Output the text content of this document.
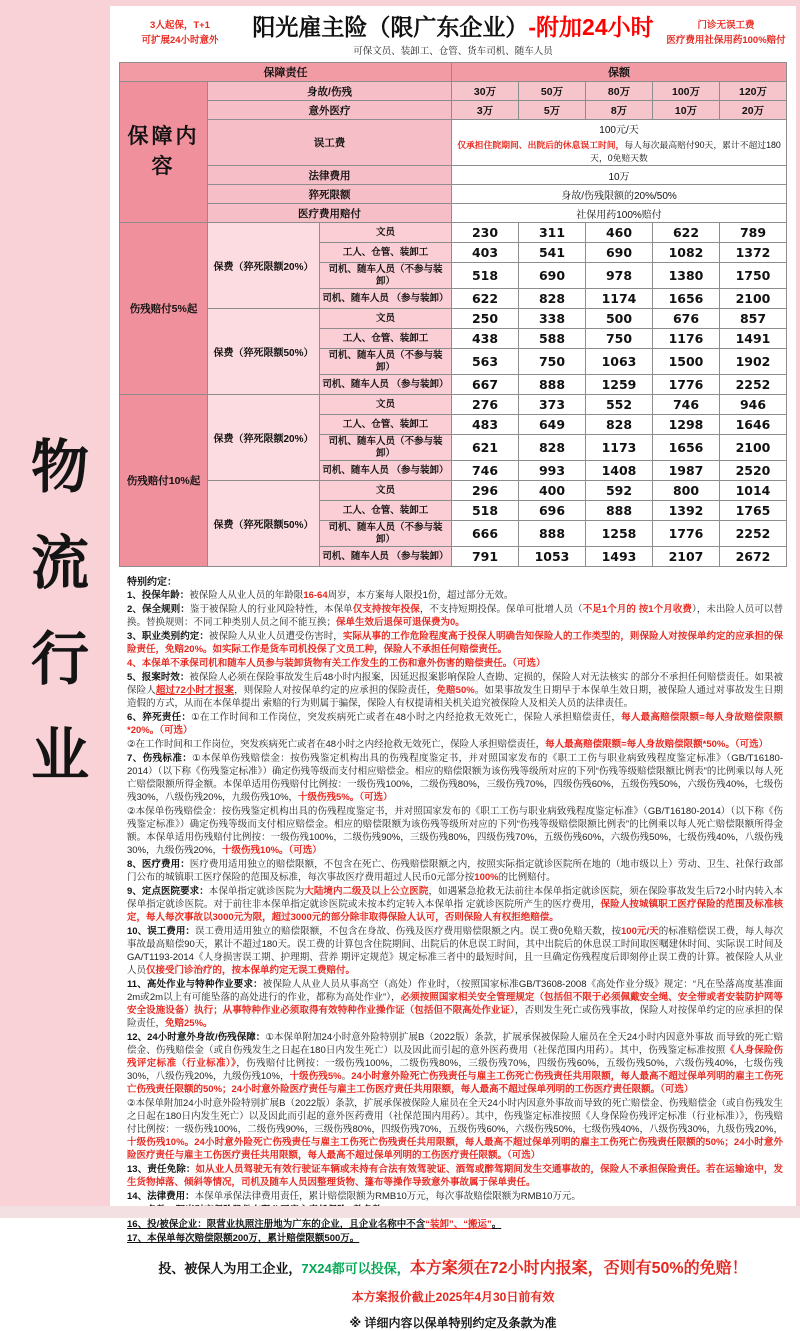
物流行业
3人起保，T+1
可扩展24小时意外
阳光雇主险（限广东企业）-附加24小时
可保文员、装卸工、仓管、货车司机、随车人员
门诊无误工费
医疗费用社保用药100%赔付
保障责任			保额				
保障内容	身故/伤残		30万	50万	80万	100万	120万
	意外医疗		3万	5万	8万	10万	20万
	误工费		100元/天
仅承担住院期间、出院后的休息误工时间，每人每次最高赔付90天，累计不超过180天，0免赔天数				

	法律费用		10万				
	猝死限额		身故/伤残限额的20%/50%				
	医疗费用赔付		社保用药100%赔付				
伤残赔付5%起	保费（猝死限额20%）	文员	230	311	460	622	789
		工人、仓管、装卸工	403	541	690	1082	1372
		司机、随车人员（不参与装卸）	518	690	978	1380	1750
		司机、随车人员 （参与装卸）	622	828	1174	1656	2100
	保费（猝死限额50%）	文员	250	338	500	676	857
		工人、仓管、装卸工	438	588	750	1176	1491
		司机、随车人员（不参与装卸）	563	750	1063	1500	1902
		司机、随车人员 （参与装卸）	667	888	1259	1776	2252
伤残赔付10%起	保费（猝死限额20%）	文员	276	373	552	746	946
		工人、仓管、装卸工	483	649	828	1298	1646
		司机、随车人员（不参与装卸）	621	828	1173	1656	2100
		司机、随车人员 （参与装卸）	746	993	1408	1987	2520
	保费（猝死限额50%）	文员	296	400	592	800	1014
		工人、仓管、装卸工	518	696	888	1392	1765
		司机、随车人员（不参与装卸）	666	888	1258	1776	2252
		司机、随车人员 （参与装卸）	791	1053	1493	2107	2672
特别约定：
1、投保年龄：被保险人从业人员的年龄限16-64周岁，本方案每人限投1份，超过部分无效。
2、保全规则：鉴于被保险人的行业风险特性，本保单仅支持按年投保，不支持短期投保。保单可批增人员（不足1个月的 按1个月收费），未出险人员可以替换。替换规则：不同工种类别人员之间不能互换；保单生效后退保可退保费为0。
3、职业类别约定：被保险人从业人员遭受伤害时，实际从事的工作危险程度高于投保人明确告知保险人的工作类型的，则保险人对按保单约定的应承担的保险责任，免赔20%。如实际工作是货车司机投保了文员工种，保险人不承担任何赔偿责任。
4、本保单不承保司机和随车人员参与装卸货物有关工作发生的工伤和意外伤害的赔偿责任。（可选）
5、报案时效：被保险人必须在保险事故发生后48小时内报案，因延迟报案影响保险人查勘、定损的，保险人对无法核实 的部分不承担任何赔偿责任。如果被保险人超过72小时才报案，则保险人对按保单约定的应承担的保险责任，免赔50%。如果事故发生日期早于本保单生效日期，被保险人通过对事故发生日期造假的方式，从而在本保单提出 索赔的行为则属于骗保，保险人有权提请相关机关追究被保险人及相关人员的法律责任。
6、猝死责任：①在工作时间和工作岗位，突发疾病死亡或者在48小时之内经抢救无效死亡，保险人承担赔偿责任，每人最高赔偿限额=每人身故赔偿限额*20%。（可选）
②在工作时间和工作岗位，突发疾病死亡或者在48小时之内经抢救无效死亡，保险人承担赔偿责任，每人最高赔偿限额=每人身故赔偿限额*50%。（可选）
7、伤残标准：①本保单伤残赔偿金：按伤残鉴定机构出具的伤残程度鉴定书，并对照国家发布的《职工工伤与职业病致残程度鉴定标准》（GB/T16180-2014）（以下称《伤残鉴定标准》）确定伤残等级而支付相应赔偿金。相应的赔偿限额为该伤残等级所对应的下列“伤残等级赔偿限额比例表”的比例乘以每人死亡赔偿限额所得金额。本保单适用伤残赔付比例按：一级伤残100%，二级伤残80%，三级伤残70%，四级伤残60%，五级伤残50%，六级伤残40%，七级伤残30%，八级伤残20%，九级伤残10%，十级伤残5%。（可选）
②本保单伤残赔偿金：按伤残鉴定机构出具的伤残程度鉴定书，并对照国家发布的《职工工伤与职业病致残程度鉴定标准》（GB/T16180-2014）（以下称《伤残鉴定标准》）确定伤残等级而支付相应赔偿金。相应的赔偿限额为该伤残等级所对应的下列“伤残等级赔偿限额比例表”的比例乘以每人死亡赔偿限额所得金额。本保单适用伤残赔付比例按：一级伤残100%，二级伤残90%，三级伤残80%，四级伤残70%，五级伤残60%，六级伤残50%，七级伤残40%，八级伤残30%，九级伤残20%，十级伤残10%。（可选）
8、医疗费用：医疗费用适用独立的赔偿限额，不包含在死亡、伤残赔偿限额之内，按照实际指定就诊医院所在地的（地市级以上）劳动、卫生、社保行政部门公布的城镇职工医疗保险的范围及标准，每次事故医疗费用超过人民币0元部分按100%的比例赔付。
9、定点医院要求：本保单指定就诊医院为大陆境内二级及以上公立医院，如遇紧急抢救无法前往本保单指定就诊医院，须在保险事故发生后72小时内转入本保单指定就诊医院。对于前往非本保单指定就诊医院或未按本约定转入本保单指 定就诊医院所产生的医疗费用，保险人按城镇职工医疗保险的范围及标准核定，每人每次事故以3000元为限，超过3000元的部分除非取得保险人认可，否则保险人有权拒绝赔偿。
10、误工费用：误工费用适用独立的赔偿限额，不包含在身故、伤残及医疗费用赔偿限额之内。误工费0免赔天数，按100元/天的标准赔偿误工费，每人每次事故最高赔偿90天，累计不超过180天。误工费的计算包含住院期间、出院后的休息误工时间，其中出院后的休息误工时间取医嘱建休时间、实际误工时间及GA/T1193-2014《人身损害误工期、护理期、营养 期评定规范》规定标准三者中的最短时间，且一旦确定伤残程度后即刻停止误工费的计算。被保险人从业人员仅接受门诊治疗的，按本保单约定无误工费赔付。
11、高处作业与特种作业要求：被保险人从业人员从事高空（高处）作业时，（按照国家标准GB/T3608-2008《高处作业分级》规定：“凡在坠落高度基准面2m或2m以上有可能坠落的高处进行的作业，都称为高处作业”），必须按照国家相关安全管理规定（包括但不限于必须佩戴安全绳、安全带或者安装防护网等安全设施设备）执行；从事特种作业必须取得有效特种作业操作证（包括但不限高处作业证），否则发生死亡或伤残事故，保险人对按保单约定的应承担的保险责任，免赔25%。
12、24小时意外身故/伤残保障：①本保单附加24小时意外险特别扩展B（2022版）条款，扩展承保被保险人雇员在全天24小时内因意外事故 而导致的死亡赔偿金、伤残赔偿金（或自伤残发生之日起在180日内发生死亡）以及因此而引起的意外医药费用（社保范围内用药）。其中，伤残鉴定标准按照《人身保险伤残评定标准（行业标准）》，伤残赔付比例按：一级伤残100%，二级伤残80%，三级伤残70%，四级伤残60%，五级伤残50%，六级伤残40%，七级伤残30%，八级伤残20%，九级伤残10%，十级伤残5%。24小时意外险死亡伤残责任与雇主工伤死亡伤残责任共用限额，每人最高不超过保单列明的雇主工伤死亡伤残责任限额的50%；24小时意外险医疗责任与雇主工伤医疗责任共用限额，每人最高不超过保单列明的工伤医疗责任限额。（可选）
②本保单附加24小时意外险特别扩展B（2022版）条款，扩展承保被保险人雇员在全天24小时内因意外事故而导致的死亡赔偿金、伤残赔偿金（或自伤残发生之日起在180日内发生死亡）以及因此而引起的意外医药费用（社保范围内用药）。其中，伤残鉴定标准按照《人身保险伤残评定标准（行业标准）》，伤残赔付比例按：一级伤残100%，二级伤残90%，三级伤残80%，四级伤残70%，五级伤残60%，六级伤残50%，七级伤残40%，八级伤残30%，九级伤残20%，十级伤残10%。24小时意外险死亡伤残责任与雇主工伤死亡伤残责任共用限额，每人最高不超过保单列明的雇主工伤死亡伤残责任限额的50%；24小时意外险医疗责任与雇主工伤医疗责任共用限额，每人最高不超过保单列明的工伤医疗责任限额。（可选）
13、责任免除：如从业人员驾驶无有效行驶证车辆或未持有合法有效驾驶证、酒驾或醉驾期间发生交通事故的，保险人不承担保险责任。若在运输途中，发生货物掉落、倾斜等情况，司机及随车人员因整理货物、篷布等操作导致意外事故属于保单责任。
14、法律费用：本保单承保法律费用责任，累计赔偿限额为RMB10万元，每次事故赔偿限额为RMB10万元。
16、投/被保企业：限营业执照注册地为广东的企业，且企业名称中不含“装卸”、“搬运”。
17、本保单每次赔偿限额200万，累计赔偿限额500万。
投、被保人为用工企业，7X24都可以投保，本方案须在72小时内报案，否则有50%的免赔！
本方案报价截止2025年4月30日前有效
※ 详细内容以保单特别约定及条款为准
